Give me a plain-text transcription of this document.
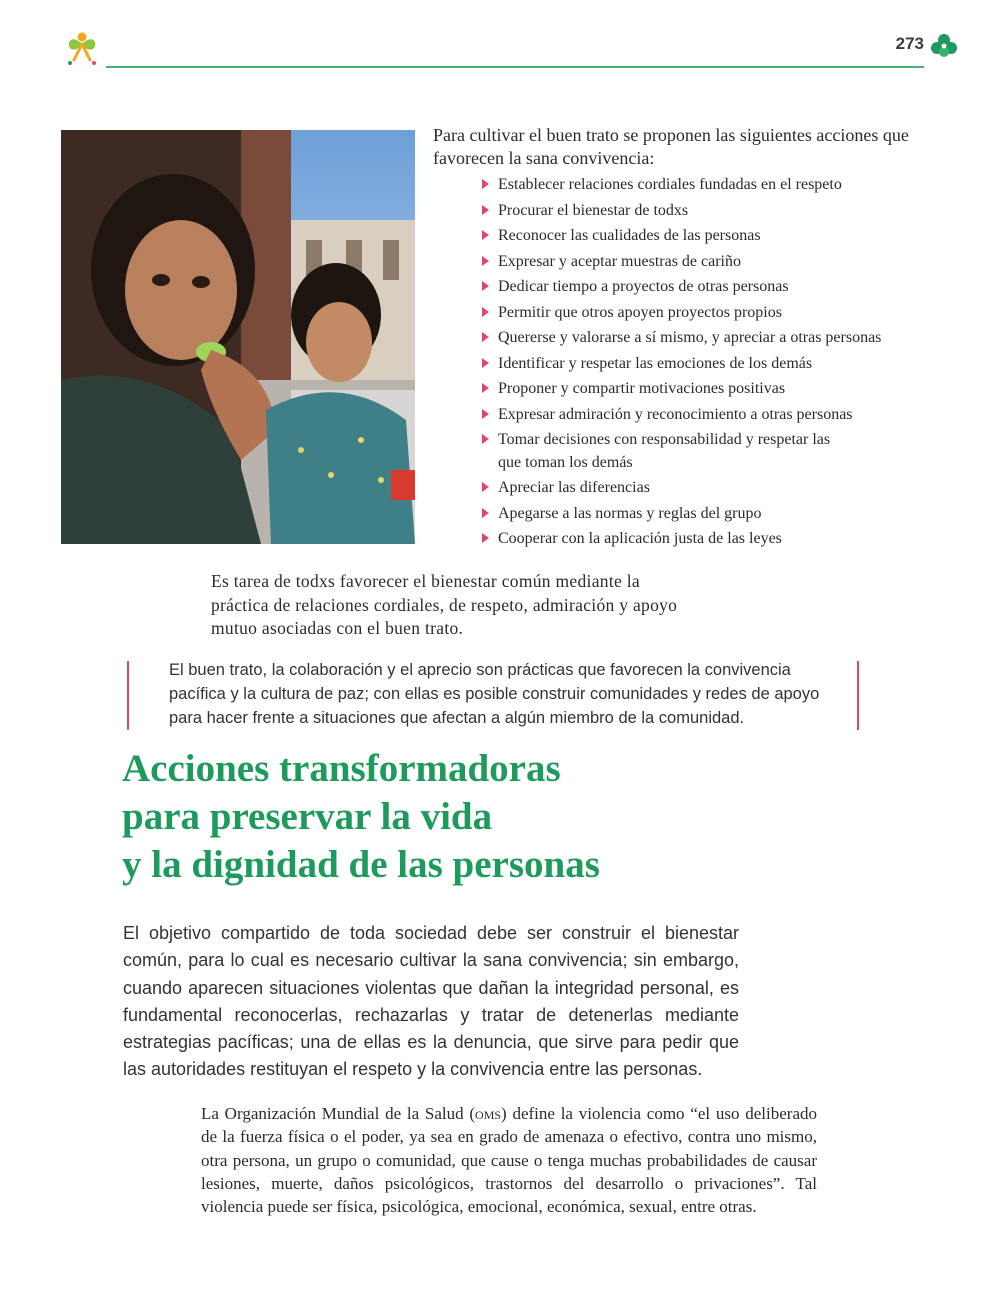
273
Para cultivar el buen trato se proponen las siguientes acciones que favorecen la sana convivencia:
Establecer relaciones cordiales fundadas en el respeto
Procurar el bienestar de todxs
Reconocer las cualidades de las personas
Expresar y aceptar muestras de cariño
Dedicar tiempo a proyectos de otras personas
Permitir que otros apoyen proyectos propios
Quererse y valorarse a sí mismo, y apreciar a otras personas
Identificar y respetar las emociones de los demás
Proponer y compartir motivaciones positivas
Expresar admiración y reconocimiento a otras personas
Tomar decisiones con responsabilidad y respetar las que toman los demás
Apreciar las diferencias
Apegarse a las normas y reglas del grupo
Cooperar con la aplicación justa de las leyes
Es tarea de todxs favorecer el bienestar común mediante la práctica de relaciones cordiales, de respeto, admiración y apoyo mutuo asociadas con el buen trato.
El buen trato, la colaboración y el aprecio son prácticas que favorecen la convivencia pacífica y la cultura de paz; con ellas es posible construir comunidades y redes de apoyo para hacer frente a situaciones que afectan a algún miembro de la comunidad.
Acciones transformadoras
para preservar la vida
y la dignidad de las personas
El objetivo compartido de toda sociedad debe ser construir el bienestar común, para lo cual es necesario cultivar la sana convivencia; sin embargo, cuando aparecen situaciones violentas que dañan la integridad personal, es fundamental reconocerlas, rechazarlas y tratar de detenerlas mediante estrategias pacíficas; una de ellas es la denuncia, que sirve para pedir que las autoridades restituyan el respeto y la convivencia entre las personas.
La Organización Mundial de la Salud (oms) define la violencia como “el uso deliberado de la fuerza física o el poder, ya sea en grado de amenaza o efectivo, contra uno mismo, otra persona, un grupo o comunidad, que cause o tenga muchas probabilidades de causar lesiones, muerte, daños psicológicos, trastornos del desarrollo o privaciones”. Tal violencia puede ser física, psicológica, emocional, económica, sexual, entre otras.
